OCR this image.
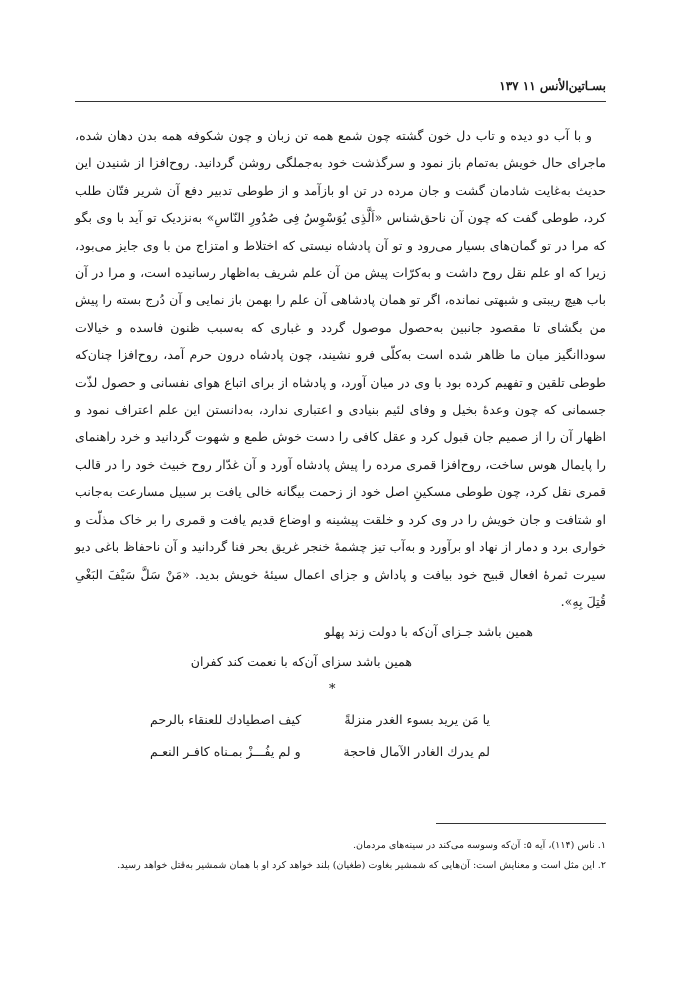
بسـاتین‌الأنس ۱۱ ۱۳۷

و با آب دو دیده و تاب دل خون گشته چون شمع همه تن زبان و چون شکوفه همه بدن دهان شده، ماجرای حال خویش به‌تمام باز نمود و سرگذشت خود به‌جملگی روشن گردانید. روح‌افزا از شنیدن این حدیث به‌غایت شادمان گشت و جان مرده در تن او بازآمد و از طوطی تدبیر دفع آن شریر فتّان طلب کرد، طوطی گفت که چون آن ناحق‌شناس «اَلَّذِی یُوَسْوِسُ فِی صُدُورِ النّاسِ» به‌نزدیک تو آید با وی بگو که مرا در تو گمان‌های بسیار می‌رود و تو آن پادشاه نیستی که اختلاط و امتزاج من با وی جایز می‌بود، زیرا که او علم نقل روح داشت و به‌کرّات پیش من آن علم شریف به‌اظهار رسانیده است، و مرا در آن باب هیچ ریبتی و شبهتی نمانده، اگر تو همان پادشاهی آن علم را بهمن باز نمایی و آن دُرج بسته را پیش من بگشای تا مقصود جانبین به‌حصول موصول گردد و غباری که به‌سبب ظنون فاسده و خیالات سوداانگیز میان ما ظاهر شده است به‌کلّی فرو نشیند، چون پادشاه درون حرم آمد، روح‌افزا چنان‌که طوطی تلقین و تفهیم کرده بود با وی در میان آورد، و پادشاه از برای اتباع هوای نفسانی و حصول لذّت جسمانی که چون وعدهٔ بخیل و وفای لئیم بنیادی و اعتباری ندارد، به‌دانستن این علم اعتراف نمود و اظهار آن را از صمیم جان قبول کرد و عقل کافی را دست خوش طمع و شهوت گردانید و خرد راهنمای را پایمال هوس ساخت، روح‌افزا قمری مرده را پیش پادشاه آورد و آن غدّار روح خبیث خود را در قالب قمری نقل کرد، چون طوطی مسکینِ اصل خود از زحمت بیگانه خالی یافت بر سبیل مسارعت به‌جانب او شتافت و جان خویش را در وی کرد و خلقت پیشینه و اوضاع قدیم یافت و قمری را بر خاک مذلّت و خواری برد و دمار از نهاد او برآورد و به‌آب تیز چشمهٔ خنجر غریق بحر فنا گردانید و آن ناحفاظ باغی دیو سیرت ثمرهٔ افعال قبیح خود بیافت و پاداش و جزای اعمال سیئهٔ خویش بدید. «مَنْ سَلَّ سَیْفَ البَغْیِ قُتِلَ بِهِ».

همین باشد جـزای آن‌که با دولت زند پهلو
همین باشد سزای آن‌که با نعمت کند کفران
*
یا مَن یرید بسوء الغدر منزلةً
کیف اصطیادك للعنقاء بالرحم
لم یدرك الغادر الآمال فاحجة
و لم یفُـــزْ بمـناه کافـر النعـم
۱. ناس (۱۱۴)، آیه ۵: آن‌که وسوسه می‌کند در سینه‌های مردمان.
۲. این مثل است و معنایش است: آن‌هایی که شمشیر بغاوت (طغیان) بلند خواهد کرد او با همان شمشیر به‌قتل خواهد رسید.
